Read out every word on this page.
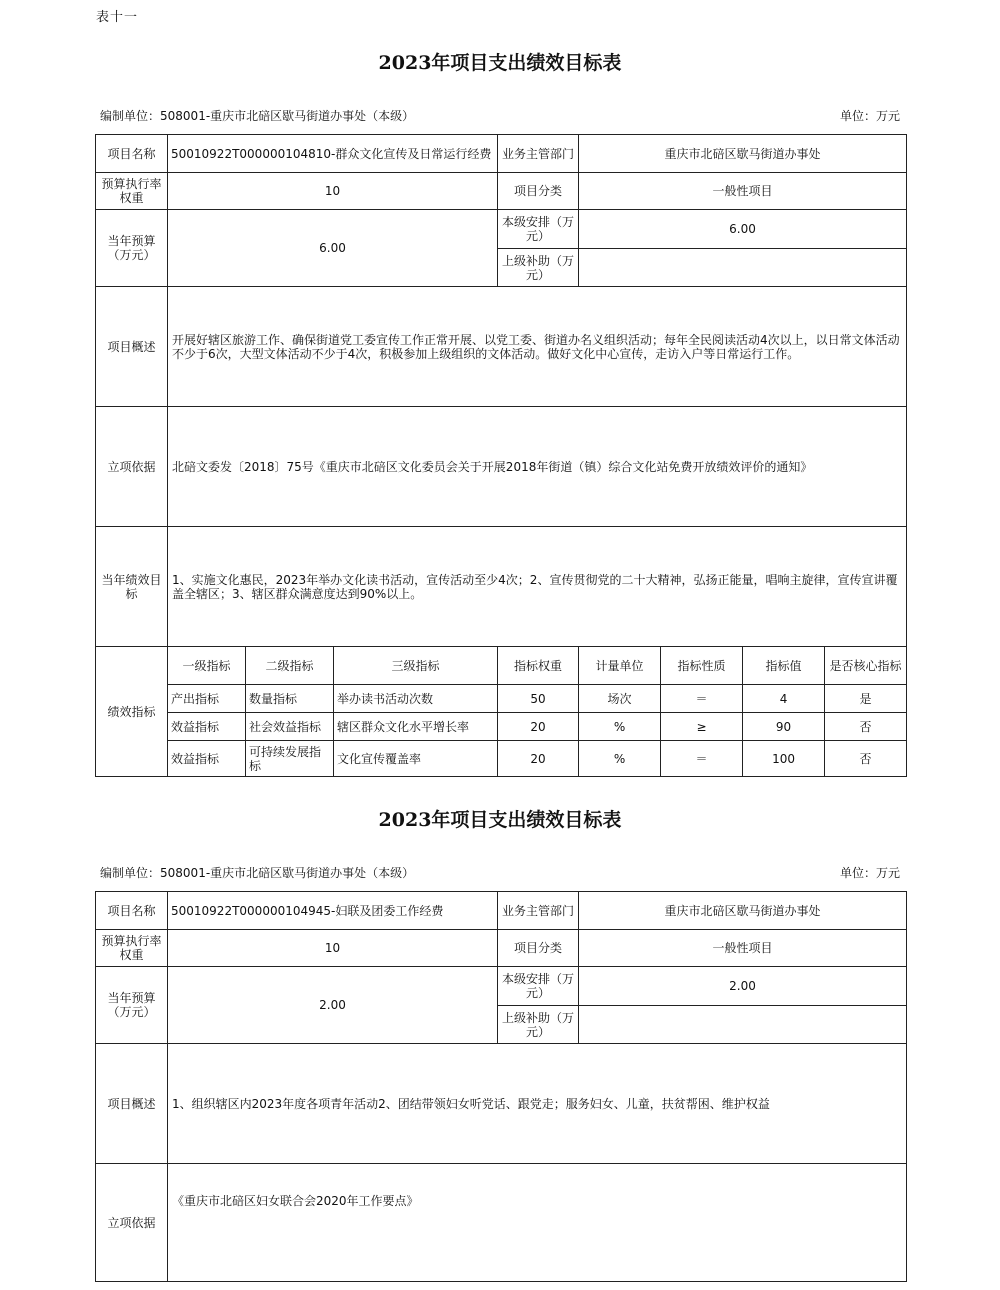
表十一
2023年项目支出绩效目标表
编制单位：508001-重庆市北碚区歇马街道办事处（本级）	单位：万元
项目名称	50010922T000000104810-群众文化宣传及日常运行经费			业务主管部门	重庆市北碚区歇马街道办事处			
预算执行率权重	10			项目分类	一般性项目			
当年预算（万元）	6.00			本级安排（万元）	6.00			
				上级补助（万元）				
项目概述	开展好辖区旅游工作、确保街道党工委宣传工作正常开展、以党工委、街道办名义组织活动；每年全民阅读活动4次以上，以日常文体活动不少于6次，大型文体活动不少于4次，积极参加上级组织的文体活动。做好文化中心宣传，走访入户等日常运行工作。							
立项依据	北碚文委发〔2018〕75号《重庆市北碚区文化委员会关于开展2018年街道（镇）综合文化站免费开放绩效评价的通知》							
当年绩效目标	1、实施文化惠民，2023年举办文化读书活动，宣传活动至少4次；2、宣传贯彻党的二十大精神，弘扬正能量，唱响主旋律，宣传宣讲覆盖全辖区；3、辖区群众满意度达到90%以上。							
绩效指标	一级指标	二级指标	三级指标	指标权重	计量单位	指标性质	指标值	是否核心指标
	产出指标	数量指标	举办读书活动次数	50	场次	＝	4	是
	效益指标	社会效益指标	辖区群众文化水平增长率	20	%	≥	90	否
	效益指标	可持续发展指标	文化宣传覆盖率	20	%	＝	100	否
2023年项目支出绩效目标表
编制单位：508001-重庆市北碚区歇马街道办事处（本级）	单位：万元
项目名称	50010922T000000104945-妇联及团委工作经费	业务主管部门	重庆市北碚区歇马街道办事处
预算执行率权重	10	项目分类	一般性项目
当年预算（万元）	2.00	本级安排（万元）	2.00
		上级补助（万元）	
项目概述	1、组织辖区内2023年度各项青年活动2、团结带领妇女听党话、跟党走；服务妇女、儿童，扶贫帮困、维护权益		
立项依据	《重庆市北碚区妇女联合会2020年工作要点》		
